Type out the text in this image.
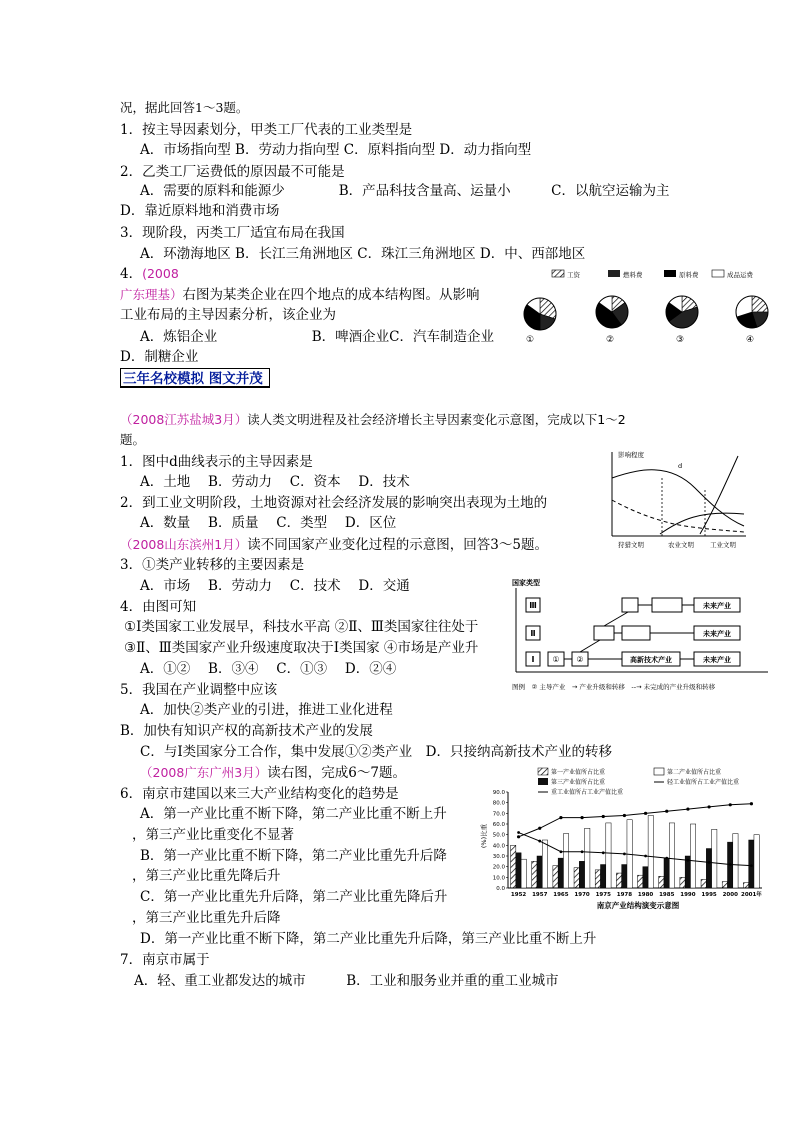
况，据此回答1～3题。
1．按主导因素划分，甲类工厂代表的工业类型是
A．市场指向型 B．劳动力指向型 C．原料指向型 D．动力指向型
2．乙类工厂运费低的原因最不可能是
A．需要的原料和能源少　　　　B．产品科技含量高、运量小　　　C．以航空运输为主
D．靠近原料地和消费市场
3．现阶段，丙类工厂适宜布局在我国
A．环渤海地区 B．长江三角洲地区 C．珠江三角洲地区 D．中、西部地区
4．(2008
广东理基）右图为某类企业在四个地点的成本结构图。从影响
工业布局的主导因素分析，该企业为
A．炼铝企业　　　　　　　B．啤酒企业C．汽车制造企业
D．制糖企业
三年名校模拟 图文并茂
（2008江苏盐城3月）读人类文明进程及社会经济增长主导因素变化示意图，完成以下1～2
题。
1．图中d曲线表示的主导因素是
A．土地　 B．劳动力　 C．资本　 D．技术
2．到工业文明阶段，土地资源对社会经济发展的影响突出表现为土地的
A．数量　 B．质量　 C．类型　 D．区位
（2008山东滨州1月）读不同国家产业变化过程的示意图，回答3～5题。
3．①类产业转移的主要因素是
A．市场　 B．劳动力　 C．技术　 D．交通
4．由图可知
①I类国家工业发展早，科技水平高 ②Ⅱ、Ⅲ类国家往往处于
③Ⅱ、Ⅲ类国家产业升级速度取决于I类国家 ④市场是产业升
A．①②　 B．③④　 C．①③　 D．②④
5．我国在产业调整中应该
A．加快②类产业的引进，推进工业化进程
B．加快有知识产权的高新技术产业的发展
C．与I类国家分工合作，集中发展①②类产业　D．只接纳高新技术产业的转移
（2008广东广州3月）读右图，完成6～7题。
6．南京市建国以来三大产业结构变化的趋势是
A．第一产业比重不断下降，第二产业比重不断上升
，第三产业比重变化不显著
B．第一产业比重不断下降，第二产业比重先升后降
，第三产业比重先降后升
C．第一产业比重先升后降，第二产业比重先降后升
，第三产业比重先升后降
D．第一产业比重不断下降，第二产业比重先升后降，第三产业比重不断上升
7．南京市属于
A．轻、重工业都发达的城市　　　B．工业和服务业并重的重工业城市
工资	燃料费	原料费	成品运费
①	②	③	④
影响程度
d
狩猎文明	农业文明 工业文明
国家类型
Ⅲ
Ⅱ
I ① ②
未来产业
未来产业
高新技术产业	未来产业
图例　② 主导产业　→ 产业升级和转移　--→ 未完成的产业升级和转移
第一产业值所占比重	第二产业值所占比重
第三产业值所占比重	轻工业值所占工业产值比重
重工业值所占工业产值比重
(%)比重
0.0
10.0
20.0
30.0
40.0
50.0
60.0
70.0
80.0
90.0
1952 1957 1965 1970 1975 1978 1980 1985 1990 1995 2000 2001年
南京产业结构演变示意图
